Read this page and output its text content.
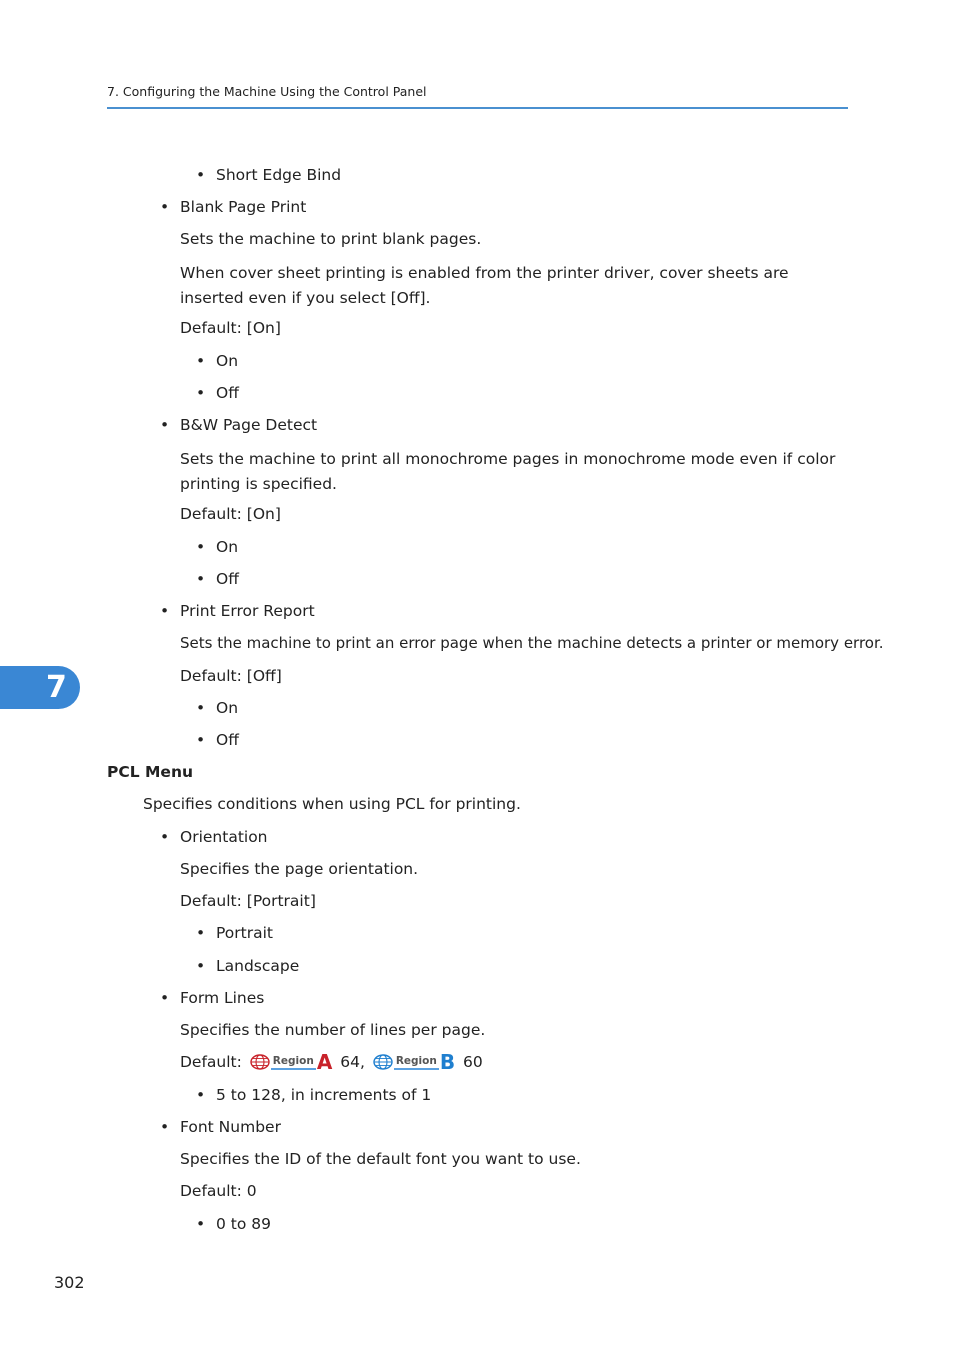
7. Configuring the Machine Using the Control Panel
7
• Short Edge Bind
• Blank Page Print
Sets the machine to print blank pages.
When cover sheet printing is enabled from the printer driver, cover sheets are inserted even if you select [Off].
Default: [On]
• On
• Off
• B&W Page Detect
Sets the machine to print all monochrome pages in monochrome mode even if color printing is specified.
Default: [On]
• On
• Off
• Print Error Report
Sets the machine to print an error page when the machine detects a printer or memory error.
Default: [Off]
• On
• Off
PCL Menu
Specifies conditions when using PCL for printing.
• Orientation
Specifies the page orientation.
Default: [Portrait]
• Portrait
• Landscape
• Form Lines
Specifies the number of lines per page.
Default:	Region A 64,	Region B 60
• 5 to 128, in increments of 1
• Font Number
Specifies the ID of the default font you want to use.
Default: 0
• 0 to 89
302
